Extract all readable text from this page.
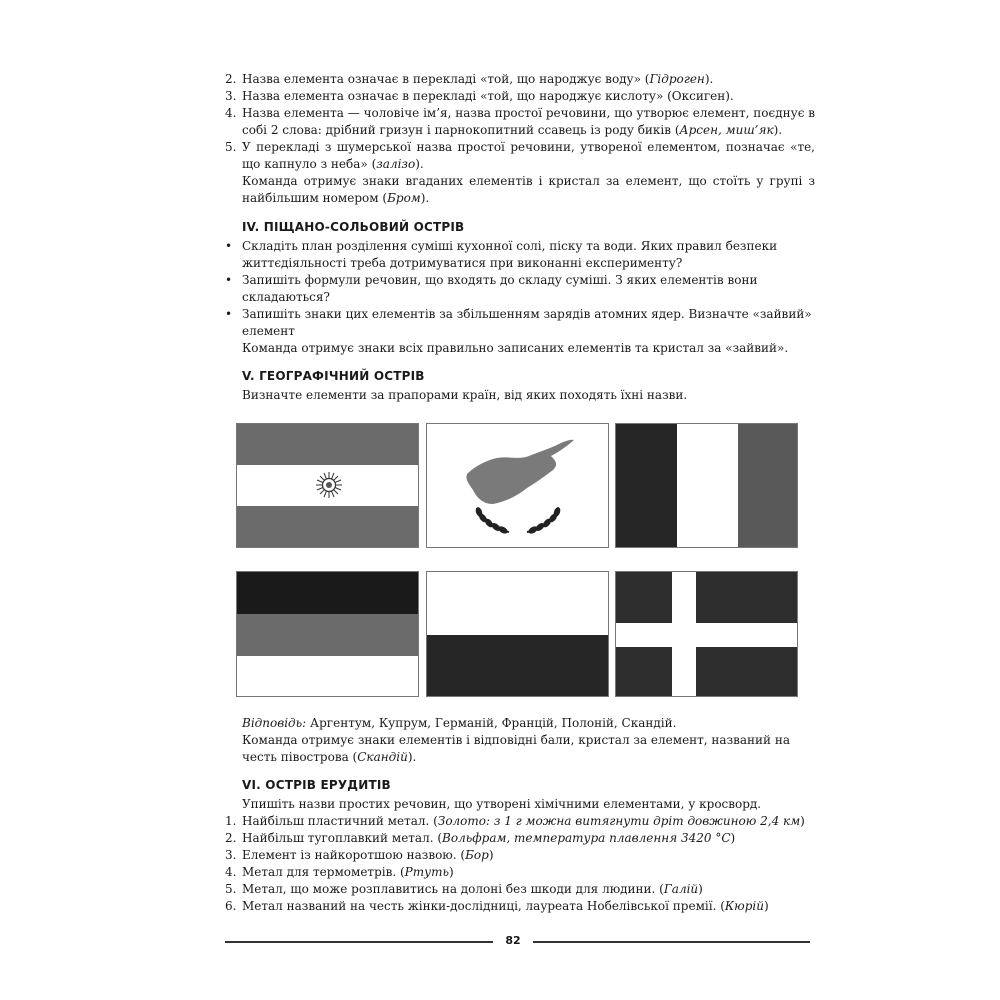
2. Назва елемента означає в перекладі «той, що народжує воду» (Гідроген).
3. Назва елемента означає в перекладі «той, що народжує кислоту» (Оксиген).
4. Назва елемента — чоловіче ім’я, назва простої речовини, що утворює елемент, поєднує в собі 2 слова: дрібний гризун і парнокопитний ссавець із роду биків (Арсен, миш’як).
5. У перекладі з шумерської назва простої речовини, утвореної елементом, позначає «те, що капнуло з неба» (залізо).
Команда отримує знаки вгаданих елементів і кристал за елемент, що стоїть у групі з найбільшим номером (Бром).
IV. ПІЩАНО-СОЛЬОВИЙ ОСТРІВ
• Складіть план розділення суміші кухонної солі, піску та води. Яких правил безпеки життєдіяльності треба дотримуватися при виконанні експерименту?
• Запишіть формули речовин, що входять до складу суміші. З яких елементів вони складаються?
• Запишіть знаки цих елементів за збільшенням зарядів атомних ядер. Визначте «зайвий» елемент
Команда отримує знаки всіх правильно записаних елементів та кристал за «зайвий».
V. ГЕОГРАФІЧНИЙ ОСТРІВ
Визначте елементи за прапорами країн, від яких походять їхні назви.
Відповідь: Аргентум, Купрум, Германій, Францій, Полоній, Скандій.
Команда отримує знаки елементів і відповідні бали, кристал за елемент, названий на честь півострова (Скандій).
VI. ОСТРІВ ЕРУДИТІВ
Упишіть назви простих речовин, що утворені хімічними елементами, у кросворд.
1. Найбільш пластичний метал. (Золото: з 1 г можна витягнути дріт довжиною 2,4 км)
2. Найбільш тугоплавкий метал. (Вольфрам, температура плавлення 3420 °С)
3. Елемент із найкоротшою назвою. (Бор)
4. Метал для термометрів. (Ртуть)
5. Метал, що може розплавитись на долоні без шкоди для людини. (Галій)
6. Метал названий на честь жінки-дослідниці, лауреата Нобелівської премії. (Кюрій)
82
